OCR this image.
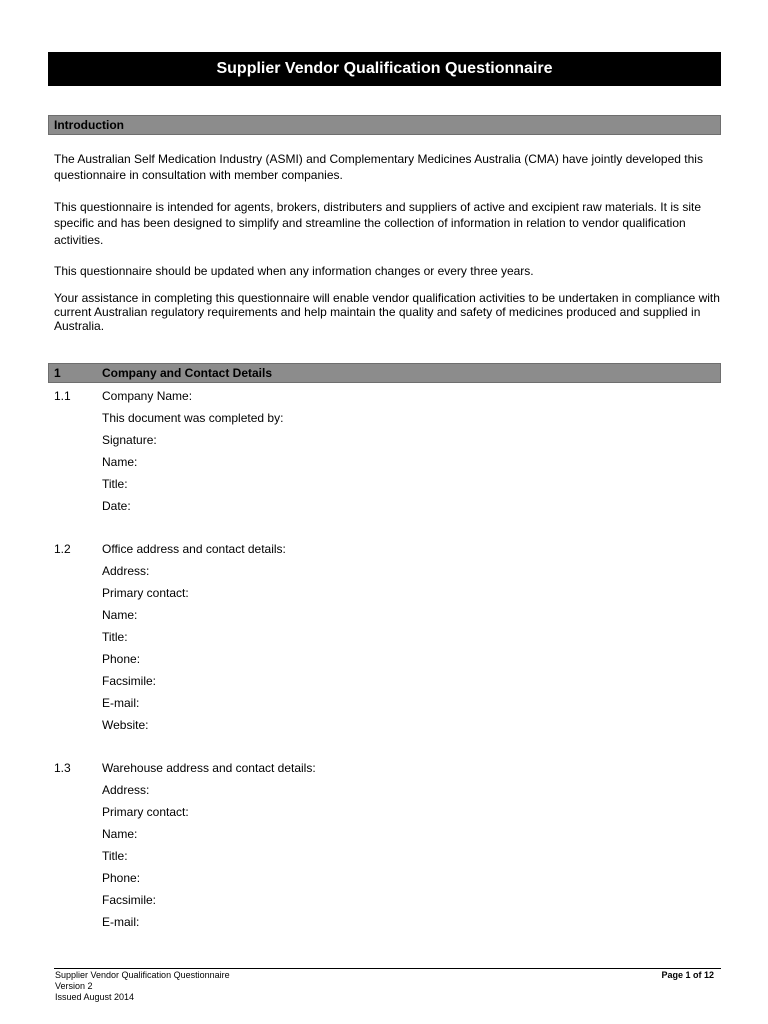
Supplier Vendor Qualification Questionnaire
Introduction

The Australian Self Medication Industry (ASMI) and Complementary Medicines Australia (CMA) have jointly developed this questionnaire in consultation with member companies.

This questionnaire is intended for agents, brokers, distributers and suppliers of active and excipient raw materials. It is site specific and has been designed to simplify and streamline the collection of information in relation to vendor qualification activities.

This questionnaire should be updated when any information changes or every three years.

Your assistance in completing this questionnaire will enable vendor qualification activities to be undertaken in compliance with current Australian regulatory requirements and help maintain the quality and safety of medicines produced and supplied in Australia.

1	Company and Contact Details
1.1	Company Name:
This document was completed by:
Signature:
Name:
Title:
Date:
1.2	Office address and contact details:
Address:
Primary contact:
Name:
Title:
Phone:
Facsimile:
E-mail:
Website:
1.3	Warehouse address and contact details:
Address:
Primary contact:
Name:
Title:
Phone:
Facsimile:
E-mail:
Supplier Vendor Qualification Questionnaire
Version 2
Issued August 2014
Page 1 of 12
